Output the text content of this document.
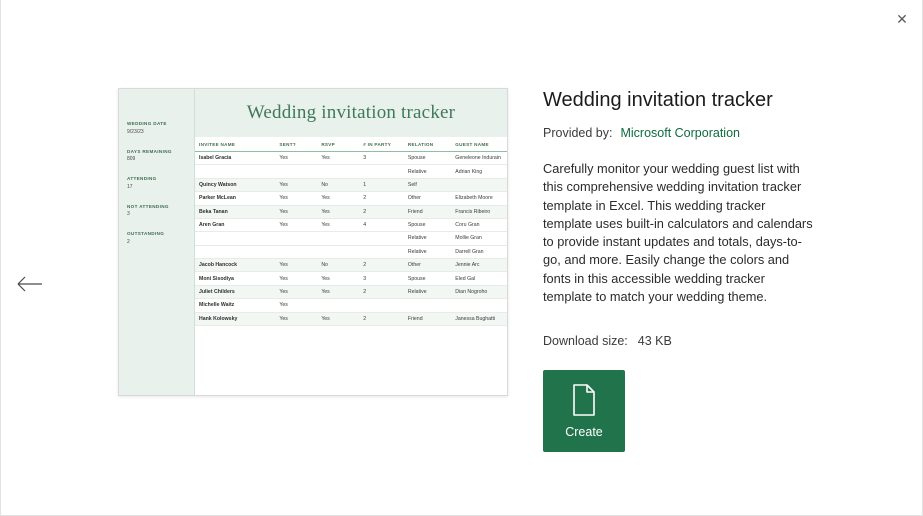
✕
WEDDING DATE
9/23/23
DAYS REMAINING
809
ATTENDING
17
NOT ATTENDING
3
OUTSTANDING
2
Wedding invitation tracker
INVITEE NAME	SENT?	RSVP	# IN PARTY	RELATION	GUEST NAME
Isabel Gracia	Yes	Yes	3	Spouse	Geneleone Indurain
				Relative	Adrian King
Quincy Watson	Yes	No	1	Self	
Parker McLean	Yes	Yes	2	Other	Elizabeth Moore
Beka Tanan	Yes	Yes	2	Friend	Francis Ribeiro
Aren Gran	Yes	Yes	4	Spouse	Coru Gran
				Relative	Mollie Gran
				Relative	Darrell Gran
Jacob Hancock	Yes	No	2	Other	Jennie Arc
Moni Sisodiya	Yes	Yes	3	Spouse	Eled Gal
Juliet Childers	Yes	Yes	2	Relative	Dian Nogroho
Michelle Waitz	Yes				
Hank Kolowsky	Yes	Yes	2	Friend	Janessa Bughatti
Wedding invitation tracker
Provided by: Microsoft Corporation

Carefully monitor your wedding guest list with this comprehensive wedding invitation tracker template in Excel. This wedding tracker template uses built-in calculators and calendars to provide instant updates and totals, days-to-go, and more. Easily change the colors and fonts in this accessible wedding tracker template to match your wedding theme.

Download size: 43 KB
Create
